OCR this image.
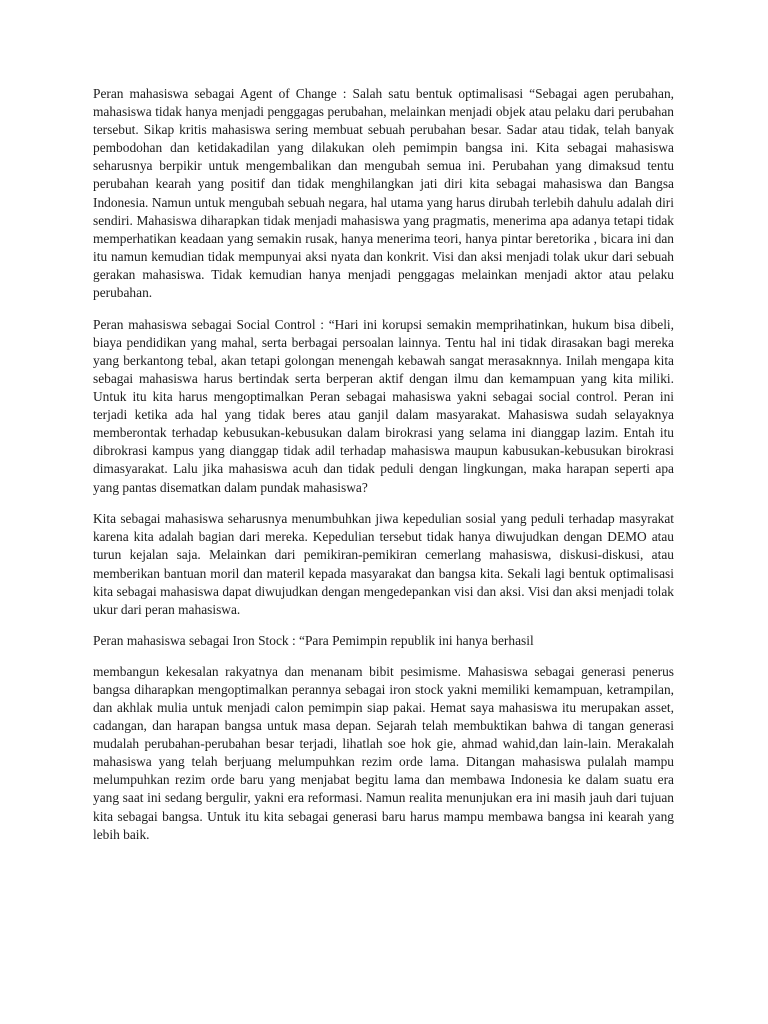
Peran mahasiswa sebagai Agent of Change : Salah satu bentuk optimalisasi “Sebagai agen perubahan, mahasiswa tidak hanya menjadi penggagas perubahan, melainkan menjadi objek atau pelaku dari perubahan tersebut. Sikap kritis mahasiswa sering membuat sebuah perubahan besar. Sadar atau tidak, telah banyak pembodohan dan ketidakadilan yang dilakukan oleh pemimpin bangsa ini. Kita sebagai mahasiswa seharusnya berpikir untuk mengembalikan dan mengubah semua ini. Perubahan yang dimaksud tentu perubahan kearah yang positif dan tidak menghilangkan jati diri kita sebagai mahasiswa dan Bangsa Indonesia. Namun untuk mengubah sebuah negara, hal utama yang harus dirubah terlebih dahulu adalah diri sendiri. Mahasiswa diharapkan tidak menjadi mahasiswa yang pragmatis, menerima apa adanya tetapi tidak memperhatikan keadaan yang semakin rusak, hanya menerima teori, hanya pintar beretorika , bicara ini dan itu namun kemudian tidak mempunyai aksi nyata dan konkrit. Visi dan aksi menjadi tolak ukur dari sebuah gerakan mahasiswa. Tidak kemudian hanya menjadi penggagas melainkan menjadi aktor atau pelaku perubahan.

Peran mahasiswa sebagai Social Control : “Hari ini korupsi semakin memprihatinkan, hukum bisa dibeli, biaya pendidikan yang mahal, serta berbagai persoalan lainnya. Tentu hal ini tidak dirasakan bagi mereka yang berkantong tebal, akan tetapi golongan menengah kebawah sangat merasaknnya. Inilah mengapa kita sebagai mahasiswa harus bertindak serta berperan aktif dengan ilmu dan kemampuan yang kita miliki. Untuk itu kita harus mengoptimalkan Peran sebagai mahasiswa yakni sebagai social control. Peran ini terjadi ketika ada hal yang tidak beres atau ganjil dalam masyarakat. Mahasiswa sudah selayaknya memberontak terhadap kebusukan-kebusukan dalam birokrasi yang selama ini dianggap lazim. Entah itu dibrokrasi kampus yang dianggap tidak adil terhadap mahasiswa maupun kabusukan-kebusukan birokrasi dimasyarakat. Lalu jika mahasiswa acuh dan tidak peduli dengan lingkungan, maka harapan seperti apa yang pantas disematkan dalam pundak mahasiswa?

Kita sebagai mahasiswa seharusnya menumbuhkan jiwa kepedulian sosial yang peduli terhadap masyrakat karena kita adalah bagian dari mereka. Kepedulian tersebut tidak hanya diwujudkan dengan DEMO atau turun kejalan saja. Melainkan dari pemikiran-pemikiran cemerlang mahasiswa, diskusi-diskusi, atau memberikan bantuan moril dan materil kepada masyarakat dan bangsa kita. Sekali lagi bentuk optimalisasi kita sebagai mahasiswa dapat diwujudkan dengan mengedepankan visi dan aksi. Visi dan aksi menjadi tolak ukur dari peran mahasiswa.

Peran mahasiswa sebagai Iron Stock : “Para Pemimpin republik ini hanya berhasil

membangun kekesalan rakyatnya dan menanam bibit pesimisme. Mahasiswa sebagai generasi penerus bangsa diharapkan mengoptimalkan perannya sebagai iron stock yakni memiliki kemampuan, ketrampilan, dan akhlak mulia untuk menjadi calon pemimpin siap pakai. Hemat saya mahasiswa itu merupakan asset, cadangan, dan harapan bangsa untuk masa depan. Sejarah telah membuktikan bahwa di tangan generasi mudalah perubahan-perubahan besar terjadi, lihatlah soe hok gie, ahmad wahid,dan lain-lain. Merakalah mahasiswa yang telah berjuang melumpuhkan rezim orde lama. Ditangan mahasiswa pulalah mampu melumpuhkan rezim orde baru yang menjabat begitu lama dan membawa Indonesia ke dalam suatu era yang saat ini sedang bergulir, yakni era reformasi. Namun realita menunjukan era ini masih jauh dari tujuan kita sebagai bangsa. Untuk itu kita sebagai generasi baru harus mampu membawa bangsa ini kearah yang lebih baik.
